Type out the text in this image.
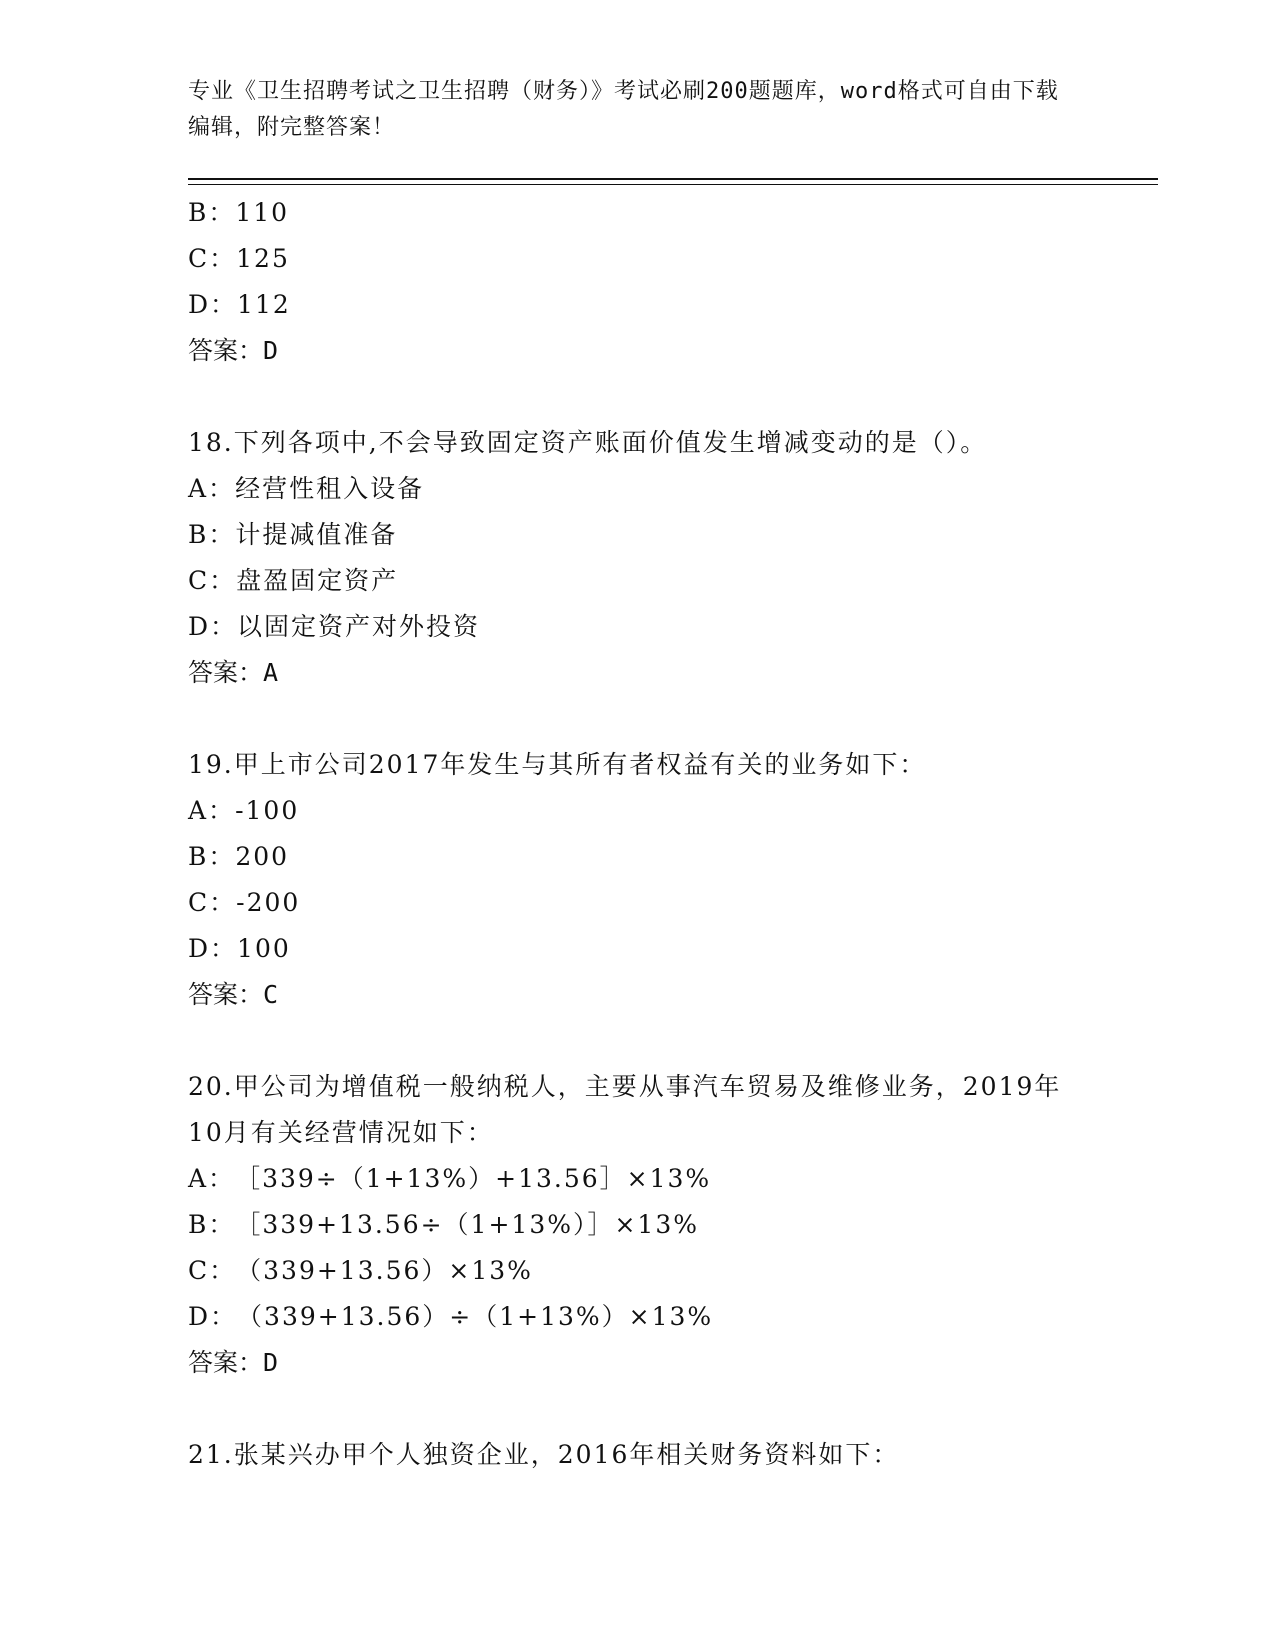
专业《卫生招聘考试之卫生招聘（财务）》考试必刷200题题库，word格式可自由下载编辑，附完整答案！
B：110
C：125
D：112
答案：D
18.下列各项中,不会导致固定资产账面价值发生增减变动的是（）。
A：经营性租入设备
B：计提减值准备
C：盘盈固定资产
D：以固定资产对外投资
答案：A
19.甲上市公司2017年发生与其所有者权益有关的业务如下：
A：-100
B：200
C：-200
D：100
答案：C
20.甲公司为增值税一般纳税人，主要从事汽车贸易及维修业务，2019年10月有关经营情况如下：
A：［339÷（1+13%）+13.56］×13%
B：［339+13.56÷（1+13%）］×13%
C：（339+13.56）×13%
D：（339+13.56）÷（1+13%）×13%
答案：D
21.张某兴办甲个人独资企业，2016年相关财务资料如下：
